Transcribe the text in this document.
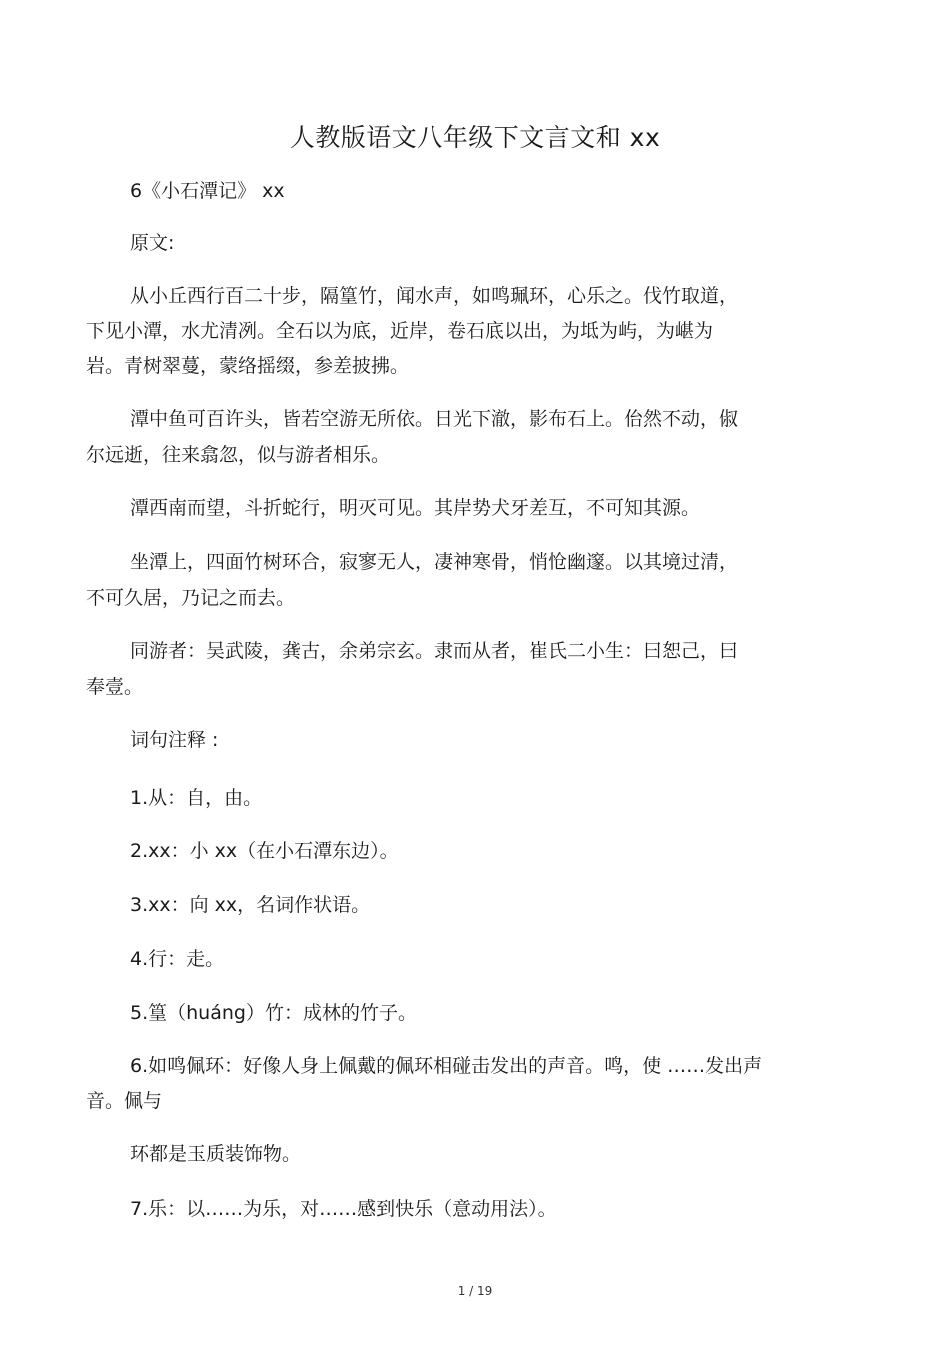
人教版语文八年级下文言文和 xx
6《小石潭记》 xx
原文:
从小丘西行百二十步，隔篁竹，闻水声，如鸣珮环，心乐之。伐竹取道，
下见小潭，水尤清冽。全石以为底，近岸，卷石底以出，为坻为屿，为嵁为
岩。青树翠蔓，蒙络摇缀，参差披拂。
潭中鱼可百许头，皆若空游无所依。日光下澈，影布石上。佁然不动，俶
尔远逝，往来翕忽，似与游者相乐。
潭西南而望，斗折蛇行，明灭可见。其岸势犬牙差互，不可知其源。
坐潭上，四面竹树环合，寂寥无人，凄神寒骨，悄怆幽邃。以其境过清，
不可久居，乃记之而去。
同游者：吴武陵，龚古，余弟宗玄。隶而从者，崔氏二小生：曰恕己，曰
奉壹。
词句注释 :
1.从：自，由。
2.xx：小 xx（在小石潭东边）。
3.xx：向 xx，名词作状语。
4.行：走。
5.篁（huáng）竹：成林的竹子。
6.如鸣佩环：好像人身上佩戴的佩环相碰击发出的声音。鸣，使 ……发出声
音。佩与
环都是玉质装饰物。
7.乐：以……为乐，对……感到快乐（意动用法）。
1 / 19
